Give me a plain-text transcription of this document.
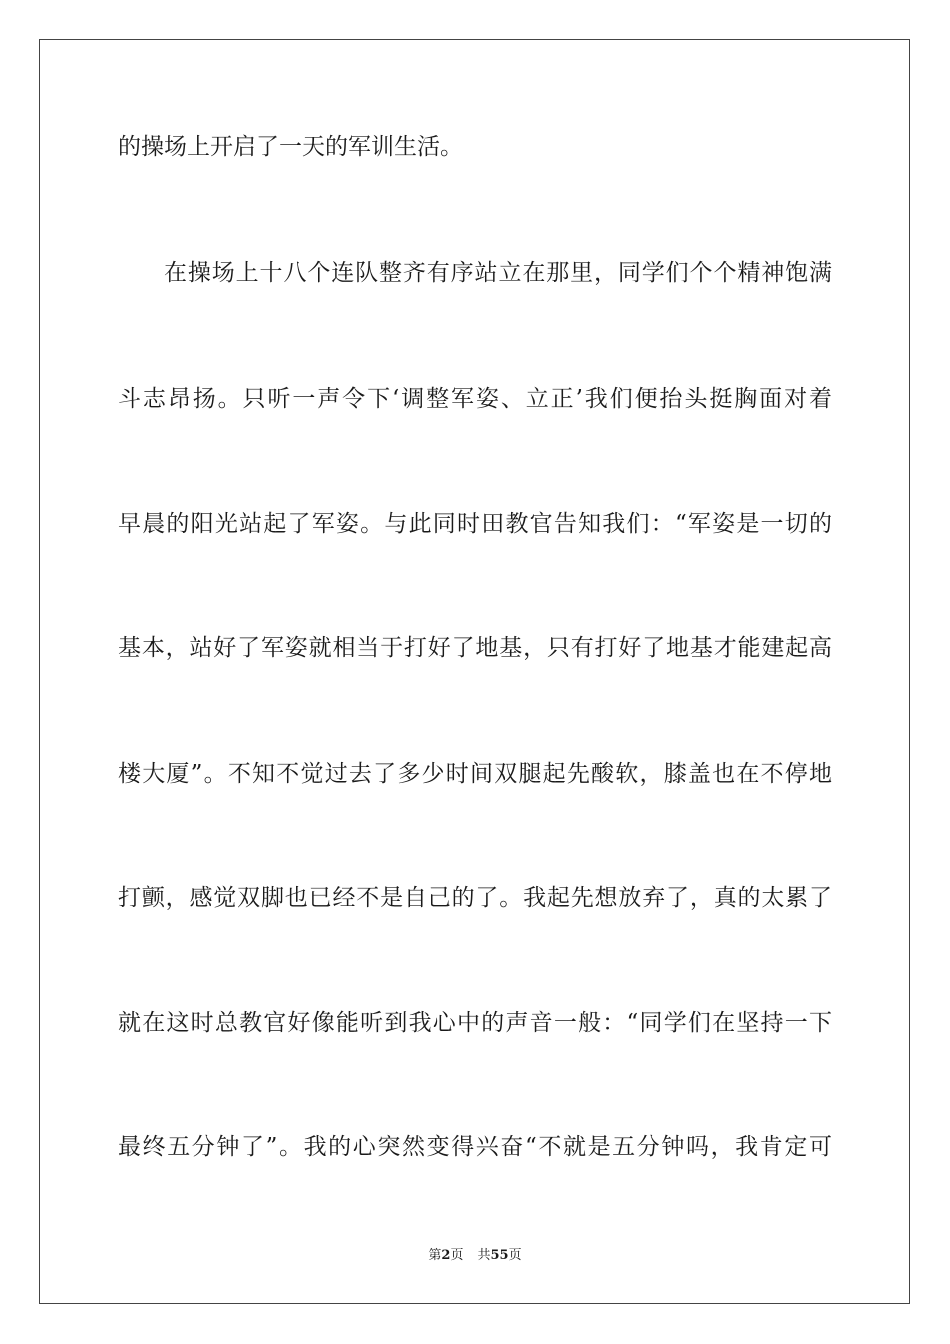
的操场上开启了一天的军训生活。
在操场上十八个连队整齐有序站立在那里，同学们个个精神饱满
斗志昂扬。只听一声令下‘调整军姿、立正’我们便抬头挺胸面对着
早晨的阳光站起了军姿。与此同时田教官告知我们：“军姿是一切的
基本，站好了军姿就相当于打好了地基，只有打好了地基才能建起高
楼大厦”。不知不觉过去了多少时间双腿起先酸软，膝盖也在不停地
打颤，感觉双脚也已经不是自己的了。我起先想放弃了，真的太累了
就在这时总教官好像能听到我心中的声音一般：“同学们在坚持一下
最终五分钟了”。我的心突然变得兴奋“不就是五分钟吗，我肯定可
第2页 共55页
